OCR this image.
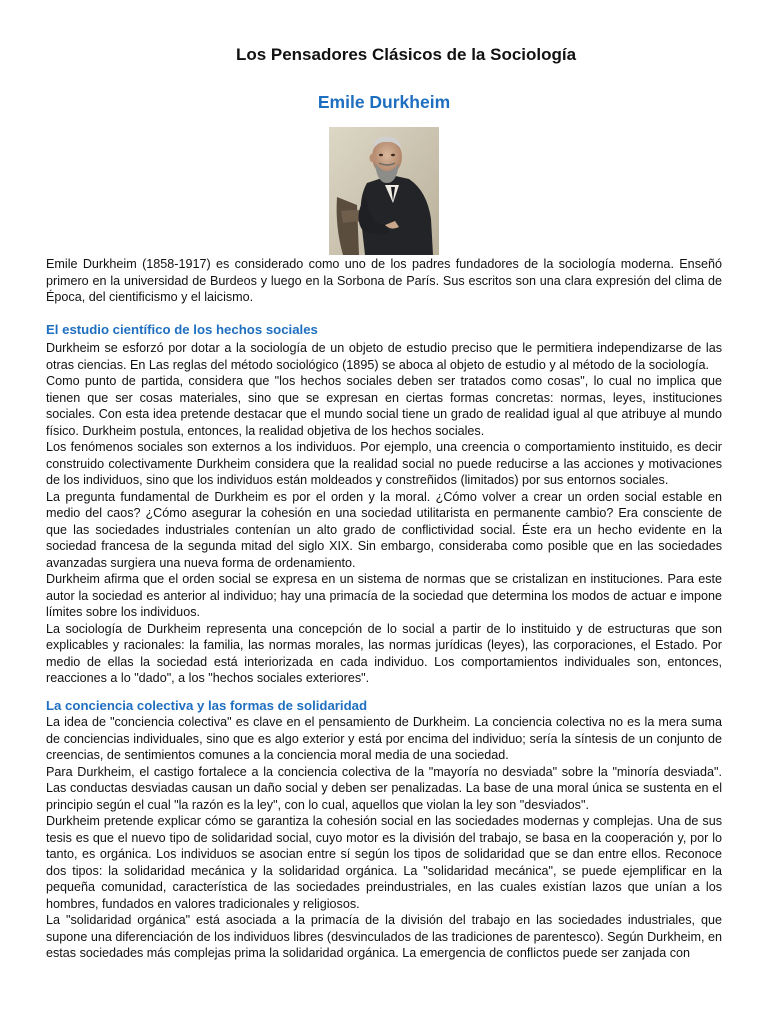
Los Pensadores Clásicos de la Sociología
Emile Durkheim

Emile Durkheim (1858-1917) es considerado como uno de los padres fundadores de la sociología moderna. Enseñó primero en la universidad de Burdeos y luego en la Sorbona de París. Sus escritos son una clara expresión del clima de Época, del cientificismo y el laicismo.

El estudio científico de los hechos sociales

Durkheim se esforzó por dotar a la sociología de un objeto de estudio preciso que le permitiera independizarse de las otras ciencias. En Las reglas del método sociológico (1895) se aboca al objeto de estudio y al método de la sociología.

Como punto de partida, considera que "los hechos sociales deben ser tratados como cosas", lo cual no implica que tienen que ser cosas materiales, sino que se expresan en ciertas formas concretas: normas, leyes, instituciones sociales. Con esta idea pretende destacar que el mundo social tiene un grado de realidad igual al que atribuye al mundo físico. Durkheim postula, entonces, la realidad objetiva de los hechos sociales.

Los fenómenos sociales son externos a los individuos. Por ejemplo, una creencia o comportamiento instituido, es decir construido colectivamente Durkheim considera que la realidad social no puede reducirse a las acciones y motivaciones de los individuos, sino que los individuos están moldeados y constreñidos (limitados) por sus entornos sociales.

La pregunta fundamental de Durkheim es por el orden y la moral. ¿Cómo volver a crear un orden social estable en medio del caos? ¿Cómo asegurar la cohesión en una sociedad utilitarista en permanente cambio? Era consciente de que las sociedades industriales contenían un alto grado de conflictividad social. Éste era un hecho evidente en la sociedad francesa de la segunda mitad del siglo XIX. Sin embargo, consideraba como posible que en las sociedades avanzadas surgiera una nueva forma de ordenamiento.

Durkheim afirma que el orden social se expresa en un sistema de normas que se cristalizan en instituciones. Para este autor la sociedad es anterior al individuo; hay una primacía de la sociedad que determina los modos de actuar e impone límites sobre los individuos.

La sociología de Durkheim representa una concepción de lo social a partir de lo instituido y de estructuras que son explicables y racionales: la familia, las normas morales, las normas jurídicas (leyes), las corporaciones, el Estado. Por medio de ellas la sociedad está interiorizada en cada individuo. Los comportamientos individuales son, entonces, reacciones a lo "dado", a los "hechos sociales exteriores".

La conciencia colectiva y las formas de solidaridad

La idea de "conciencia colectiva" es clave en el pensamiento de Durkheim. La conciencia colectiva no es la mera suma de conciencias individuales, sino que es algo exterior y está por encima del individuo; sería la síntesis de un conjunto de creencias, de sentimientos comunes a la conciencia moral media de una sociedad.

Para Durkheim, el castigo fortalece a la conciencia colectiva de la "mayoría no desviada" sobre la "minoría desviada". Las conductas desviadas causan un daño social y deben ser penalizadas. La base de una moral única se sustenta en el principio según el cual "la razón es la ley", con lo cual, aquellos que violan la ley son "desviados".

Durkheim pretende explicar cómo se garantiza la cohesión social en las sociedades modernas y complejas. Una de sus tesis es que el nuevo tipo de solidaridad social, cuyo motor es la división del trabajo, se basa en la cooperación y, por lo tanto, es orgánica. Los individuos se asocian entre sí según los tipos de solidaridad que se dan entre ellos. Reconoce dos tipos: la solidaridad mecánica y la solidaridad orgánica. La "solidaridad mecánica", se puede ejemplificar en la pequeña comunidad, característica de las sociedades preindustriales, en las cuales existían lazos que unían a los hombres, fundados en valores tradicionales y religiosos.

La "solidaridad orgánica" está asociada a la primacía de la división del trabajo en las sociedades industriales, que supone una diferenciación de los individuos libres (desvinculados de las tradiciones de parentesco). Según Durkheim, en estas sociedades más complejas prima la solidaridad orgánica. La emergencia de conflictos puede ser zanjada con
